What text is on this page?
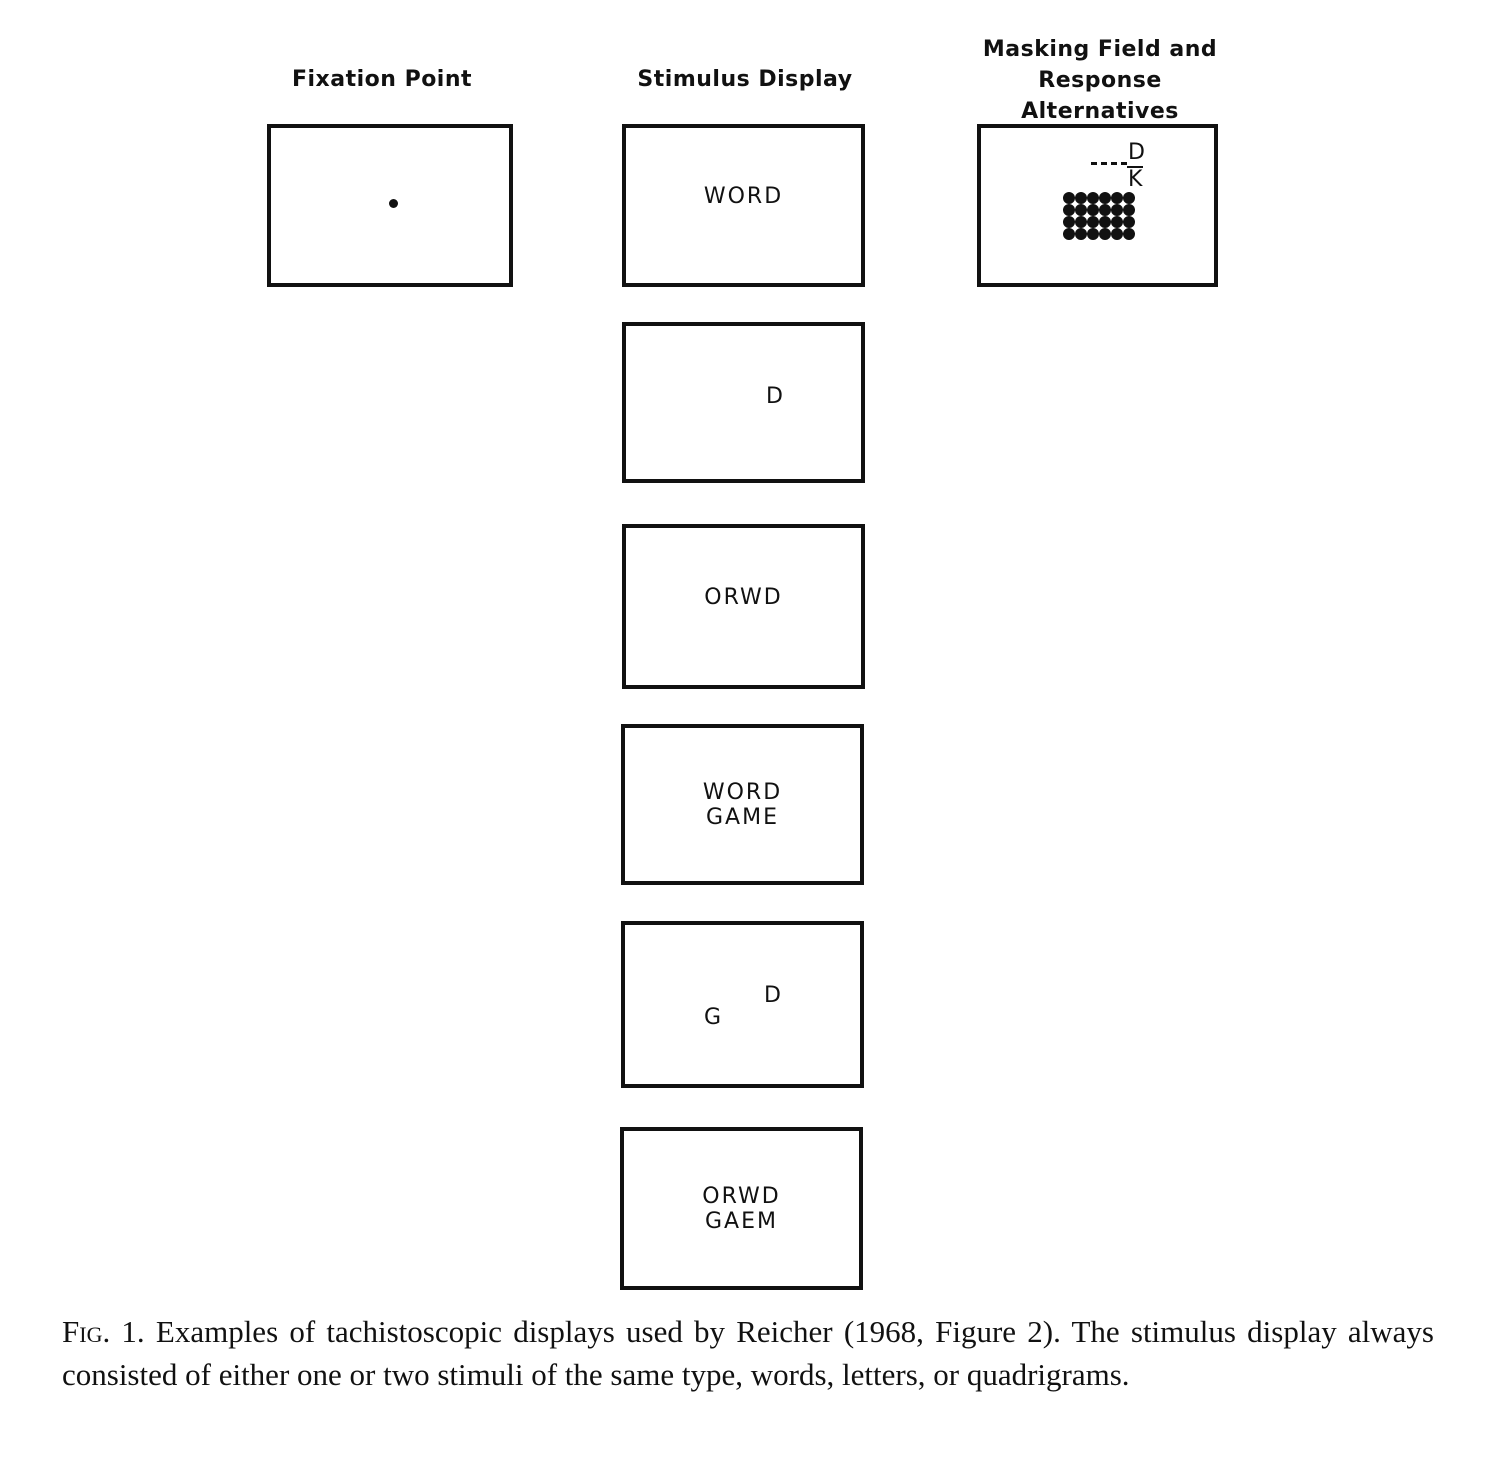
Fixation Point	Stimulus Display
Masking Field and
Response Alternatives
WORD
D
ORWD
WORD
GAME
G
D
ORWD
GAEM
D
K
Fig. 1. Examples of tachistoscopic displays used by Reicher (1968, Figure 2). The stimulus display always consisted of either one or two stimuli of the same type, words, letters, or quadrigrams.
